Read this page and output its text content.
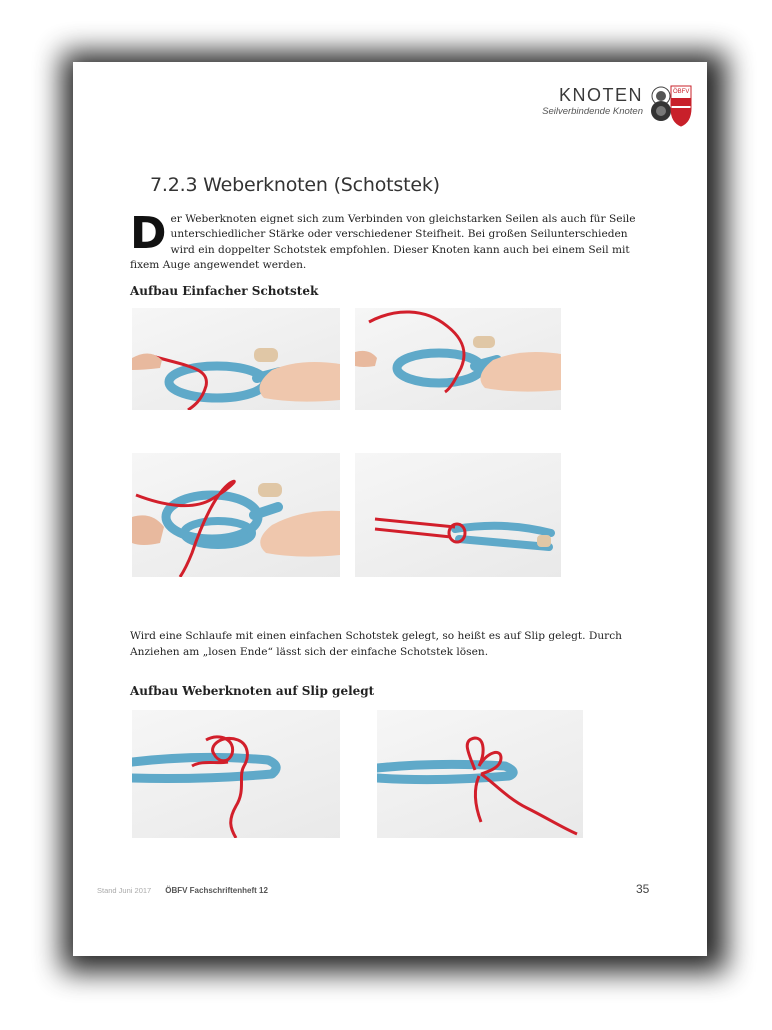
KNOTEN
Seilverbindende Knoten
ÖBFV
7.2.3 Weberknoten (Schotstek)
D er Weberknoten eignet sich zum Verbinden von gleichstarken Seilen als auch für Seile unterschiedlicher Stärke oder verschiedener Steifheit. Bei großen Seilunterschieden wird ein doppelter Schotstek empfohlen. Dieser Knoten kann auch bei einem Seil mit fixem Auge angewendet werden.
Aufbau Einfacher Schotstek
Wird eine Schlaufe mit einen einfachen Schotstek gelegt, so heißt es auf Slip gelegt. Durch Anziehen am „losen Ende“ lässt sich der einfache Schotstek lösen.
Aufbau Weberknoten auf Slip gelegt
Stand Juni 2017 ÖBFV Fachschriftenheft 12	35
